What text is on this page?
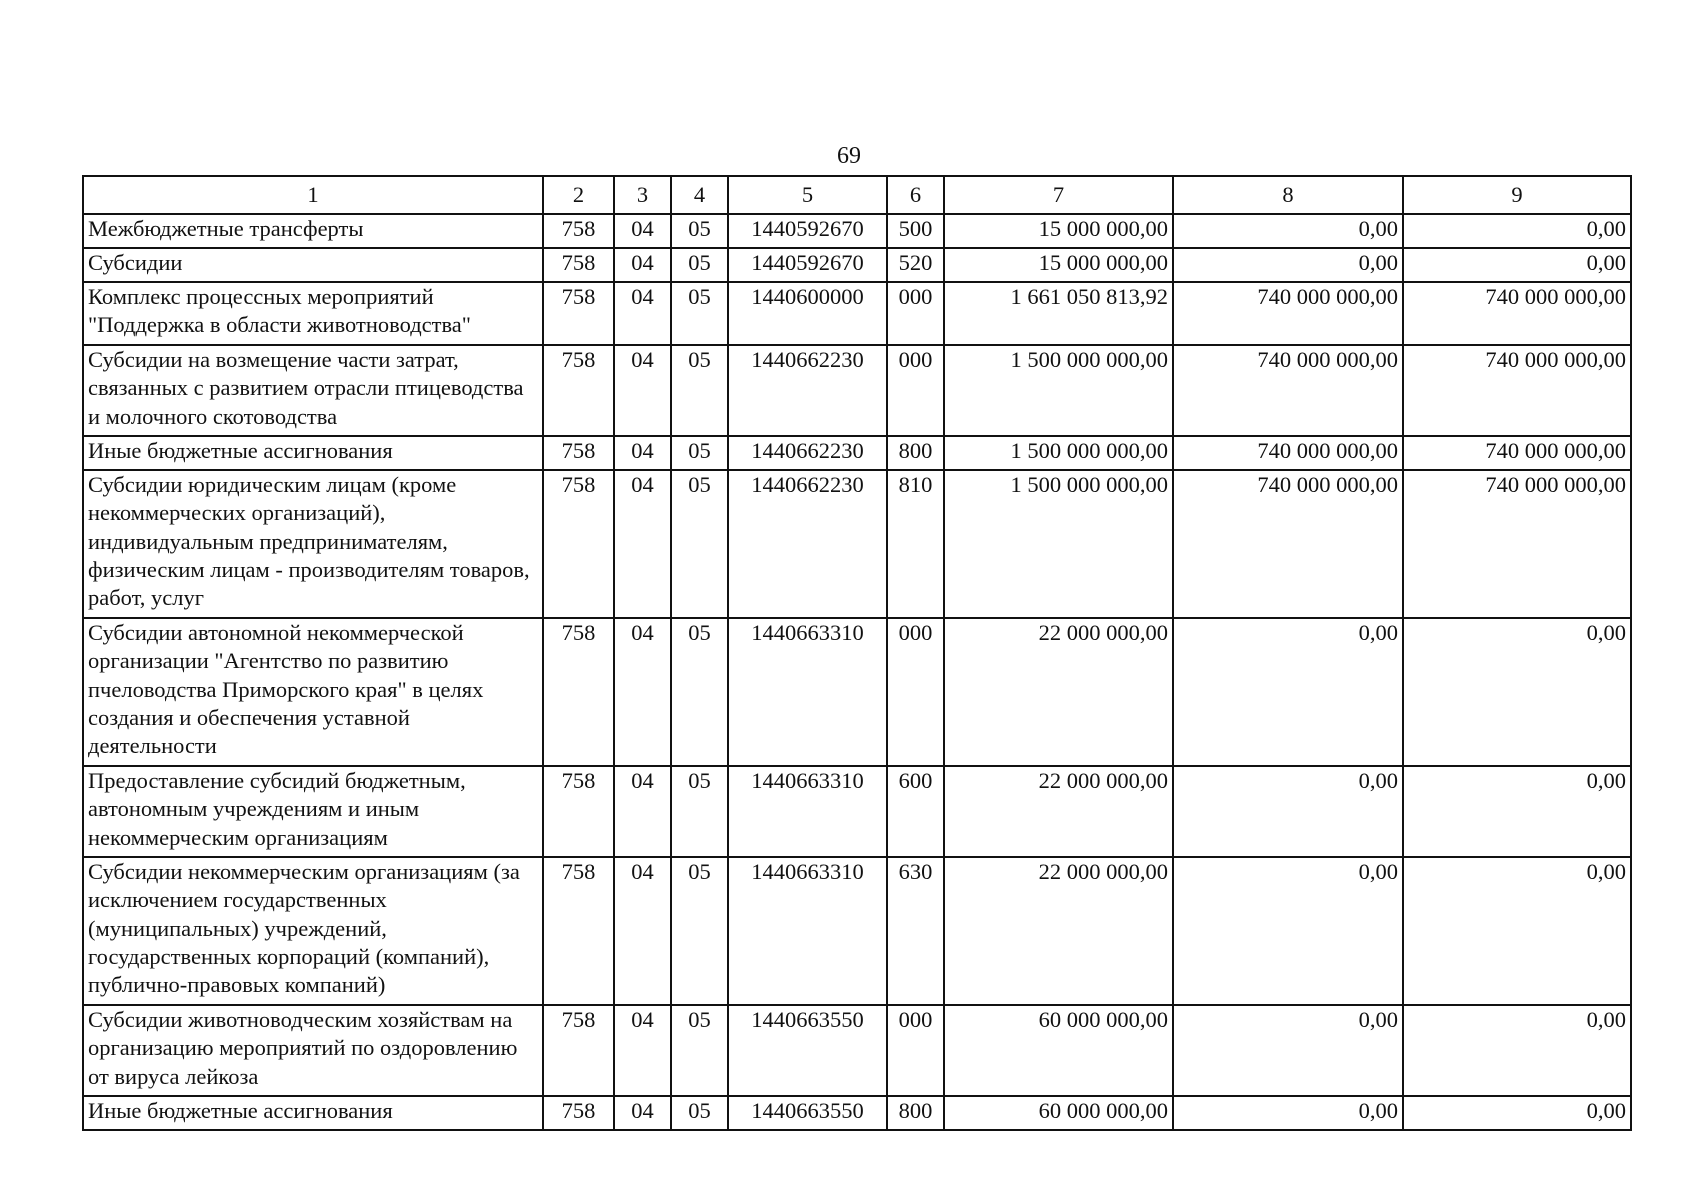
69
1	2	3	4	5	6	7	8	9
Межбюджетные трансферты	758	04	05	1440592670	500	15 000 000,00	0,00	0,00
Субсидии	758	04	05	1440592670	520	15 000 000,00	0,00	0,00
Комплекс процессных мероприятий "Поддержка в области животноводства"	758	04	05	1440600000	000	1 661 050 813,92	740 000 000,00	740 000 000,00
Субсидии на возмещение части затрат, связанных с развитием отрасли птицеводства и молочного скотоводства	758	04	05	1440662230	000	1 500 000 000,00	740 000 000,00	740 000 000,00
Иные бюджетные ассигнования	758	04	05	1440662230	800	1 500 000 000,00	740 000 000,00	740 000 000,00
Субсидии юридическим лицам (кроме некоммерческих организаций), индивидуальным предпринимателям, физическим лицам - производителям товаров, работ, услуг	758	04	05	1440662230	810	1 500 000 000,00	740 000 000,00	740 000 000,00
Субсидии автономной некоммерческой организации "Агентство по развитию пчеловодства Приморского края" в целях создания и обеспечения уставной деятельности	758	04	05	1440663310	000	22 000 000,00	0,00	0,00
Предоставление субсидий бюджетным, автономным учреждениям и иным некоммерческим организациям	758	04	05	1440663310	600	22 000 000,00	0,00	0,00
Субсидии некоммерческим организациям (за исключением государственных (муниципальных) учреждений, государственных корпораций (компаний), публично-правовых компаний)	758	04	05	1440663310	630	22 000 000,00	0,00	0,00
Субсидии животноводческим хозяйствам на организацию мероприятий по оздоровлению от вируса лейкоза	758	04	05	1440663550	000	60 000 000,00	0,00	0,00
Иные бюджетные ассигнования	758	04	05	1440663550	800	60 000 000,00	0,00	0,00
